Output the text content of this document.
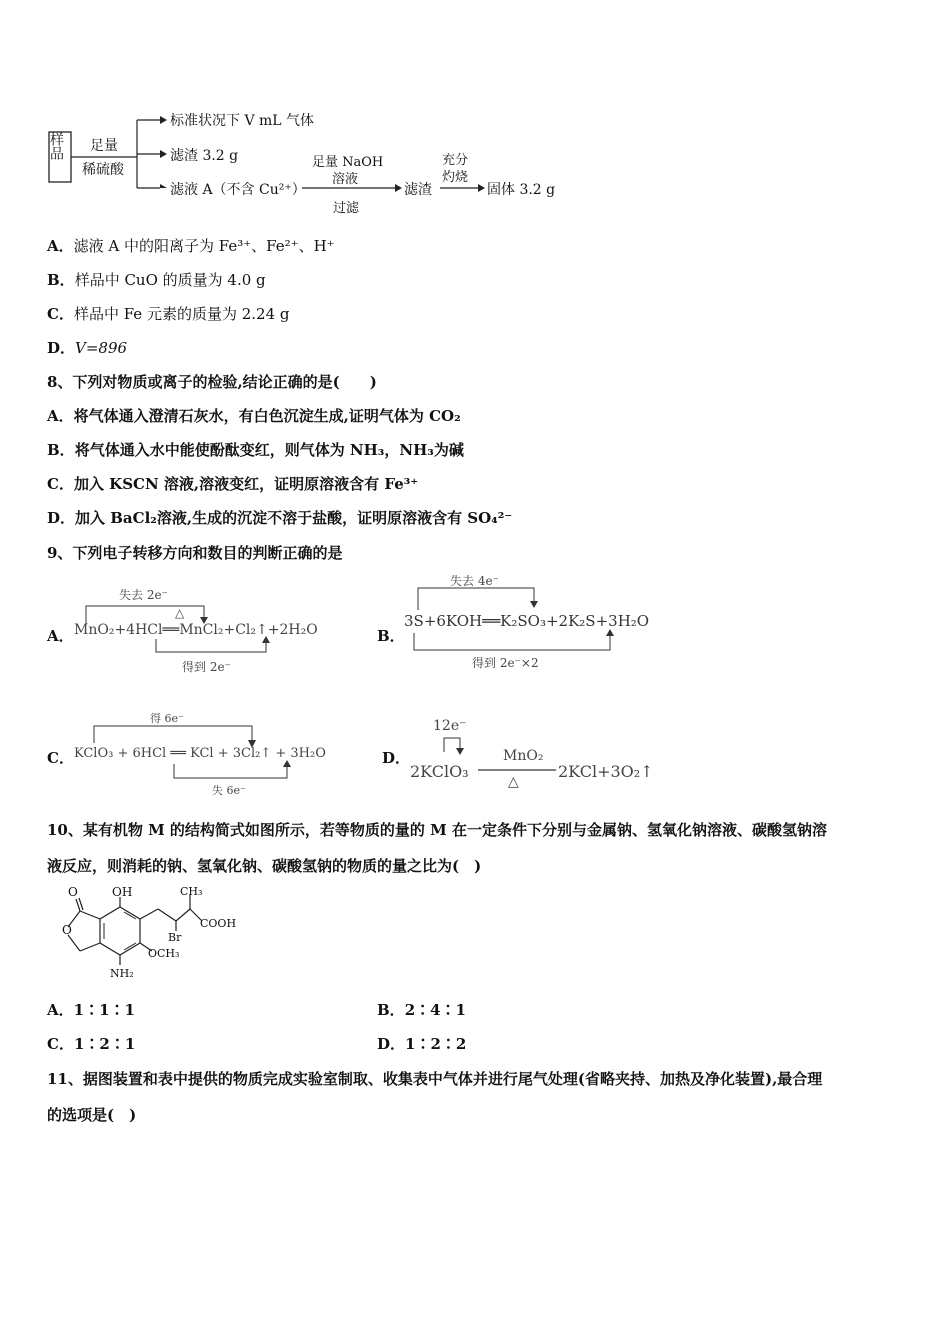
样品 足量
稀硫酸
标准状况下 V mL 气体
滤渣 3.2 g
滤液 A（不含 Cu²⁺）
足量 NaOH
溶液
过滤
滤渣
充分
灼烧
固体 3.2 g
A．滤液 A 中的阳离子为 Fe³⁺、Fe²⁺、H⁺
B．样品中 CuO 的质量为 4.0 g
C．样品中 Fe 元素的质量为 2.24 g
D．V=896
8、下列对物质或离子的检验,结论正确的是(　　)
A．将气体通入澄清石灰水，有白色沉淀生成,证明气体为 CO₂
B．将气体通入水中能使酚酞变红，则气体为 NH₃，NH₃为碱
C．加入 KSCN 溶液,溶液变红，证明原溶液含有 Fe³⁺
D．加入 BaCl₂溶液,生成的沉淀不溶于盐酸，证明原溶液含有 SO₄²⁻
9、下列电子转移方向和数目的判断正确的是
A．
失去 2e⁻
△
MnO₂+4HCl══MnCl₂+Cl₂↑+2H₂O
得到 2e⁻
B．
失去 4e⁻
3S+6KOH══K₂SO₃+2K₂S+3H₂O
得到 2e⁻×2
C．
得 6e⁻
KClO₃ + 6HCl ══ KCl + 3Cl₂↑ + 3H₂O
失 6e⁻
D．
12e⁻
MnO₂
2KClO₃
△
2KCl+3O₂↑
10、某有机物 M 的结构简式如图所示，若等物质的量的 M 在一定条件下分别与金属钠、氢氧化钠溶液、碳酸氢钠溶
液反应，则消耗的钠、氢氧化钠、碳酸氢钠的物质的量之比为(　)
O
O
OH	CH₃
COOH
Br
OCH₃
NH₂
A．1∶1∶1	B．2∶4∶1
C．1∶2∶1	D．1∶2∶2
11、据图装置和表中提供的物质完成实验室制取、收集表中气体并进行尾气处理(省略夹持、加热及净化装置),最合理
的选项是(　)
